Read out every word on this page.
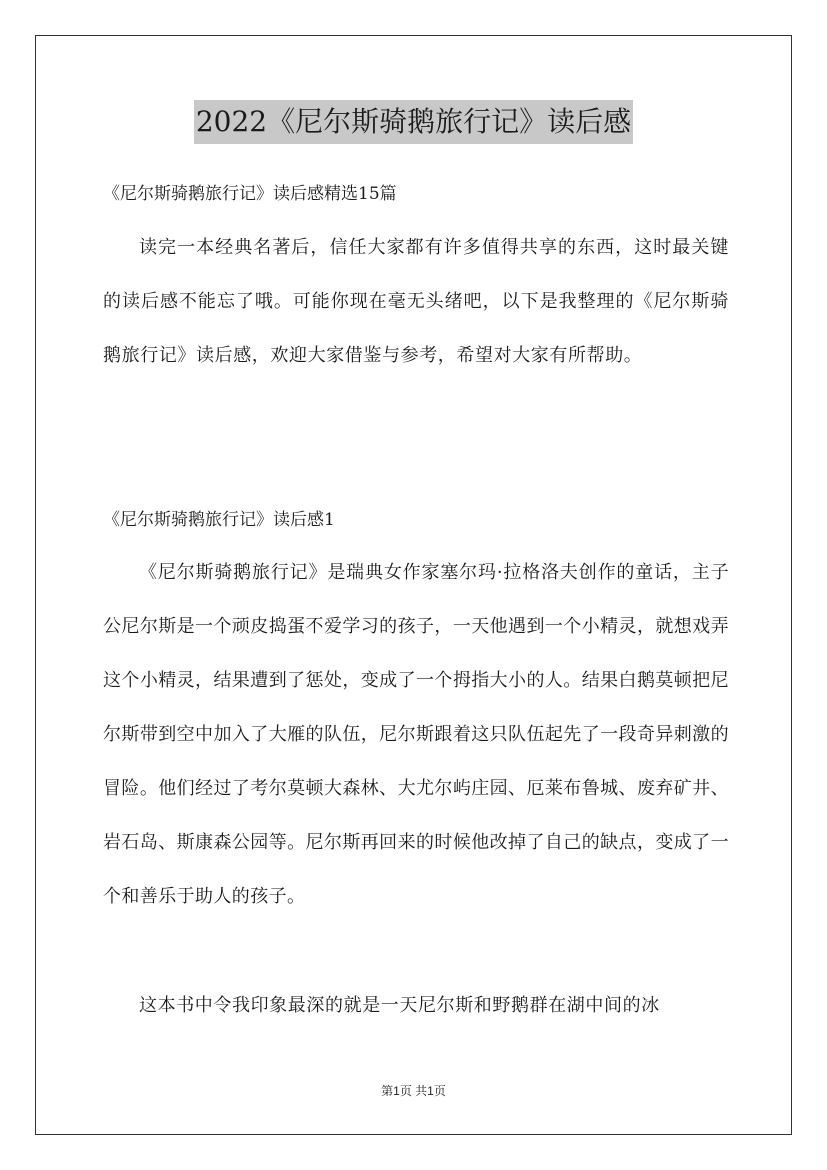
2022《尼尔斯骑鹅旅行记》读后感
《尼尔斯骑鹅旅行记》读后感精选15篇

读完一本经典名著后，信任大家都有许多值得共享的东西，这时最关键的读后感不能忘了哦。可能你现在毫无头绪吧，以下是我整理的《尼尔斯骑鹅旅行记》读后感，欢迎大家借鉴与参考，希望对大家有所帮助。

《尼尔斯骑鹅旅行记》读后感1

《尼尔斯骑鹅旅行记》是瑞典女作家塞尔玛·拉格洛夫创作的童话，主子公尼尔斯是一个顽皮捣蛋不爱学习的孩子，一天他遇到一个小精灵，就想戏弄这个小精灵，结果遭到了惩处，变成了一个拇指大小的人。结果白鹅莫顿把尼尔斯带到空中加入了大雁的队伍，尼尔斯跟着这只队伍起先了一段奇异刺激的冒险。他们经过了考尔莫顿大森林、大尤尔屿庄园、厄莱布鲁城、废弃矿井、岩石岛、斯康森公园等。尼尔斯再回来的时候他改掉了自己的缺点，变成了一个和善乐于助人的孩子。

这本书中令我印象最深的就是一天尼尔斯和野鹅群在湖中间的冰

第1页 共1页
